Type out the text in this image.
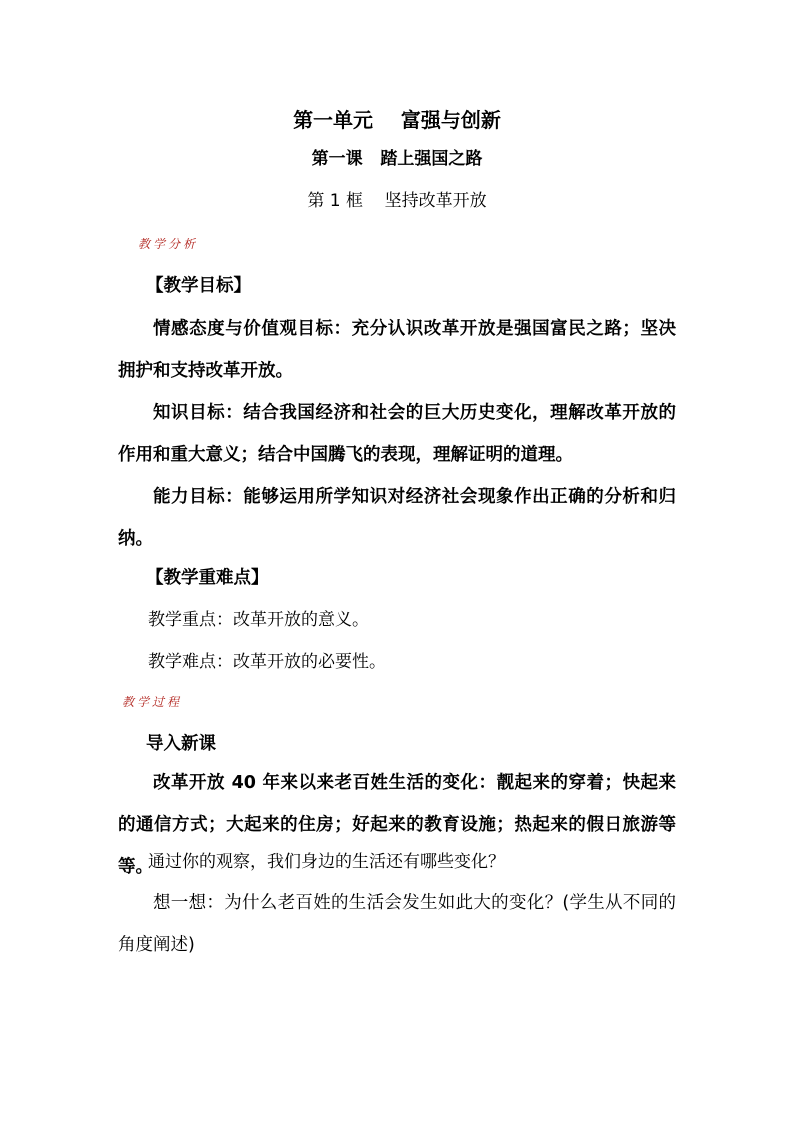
第一单元    富强与创新
第一课   踏上强国之路
第 1 框    坚持改革开放
教学分析
【教学目标】
情感态度与价值观目标：充分认识改革开放是强国富民之路；坚决拥护和支持改革开放。
知识目标：结合我国经济和社会的巨大历史变化，理解改革开放的作用和重大意义；结合中国腾飞的表现，理解证明的道理。
能力目标：能够运用所学知识对经济社会现象作出正确的分析和归纳。
【教学重难点】
教学重点：改革开放的意义。
教学难点：改革开放的必要性。
教学过程
导入新课
改革开放 40 年来以来老百姓生活的变化：靓起来的穿着；快起来的通信方式；大起来的住房；好起来的教育设施；热起来的假日旅游等等。
通过你的观察，我们身边的生活还有哪些变化？
想一想：为什么老百姓的生活会发生如此大的变化？(学生从不同的角度阐述)
